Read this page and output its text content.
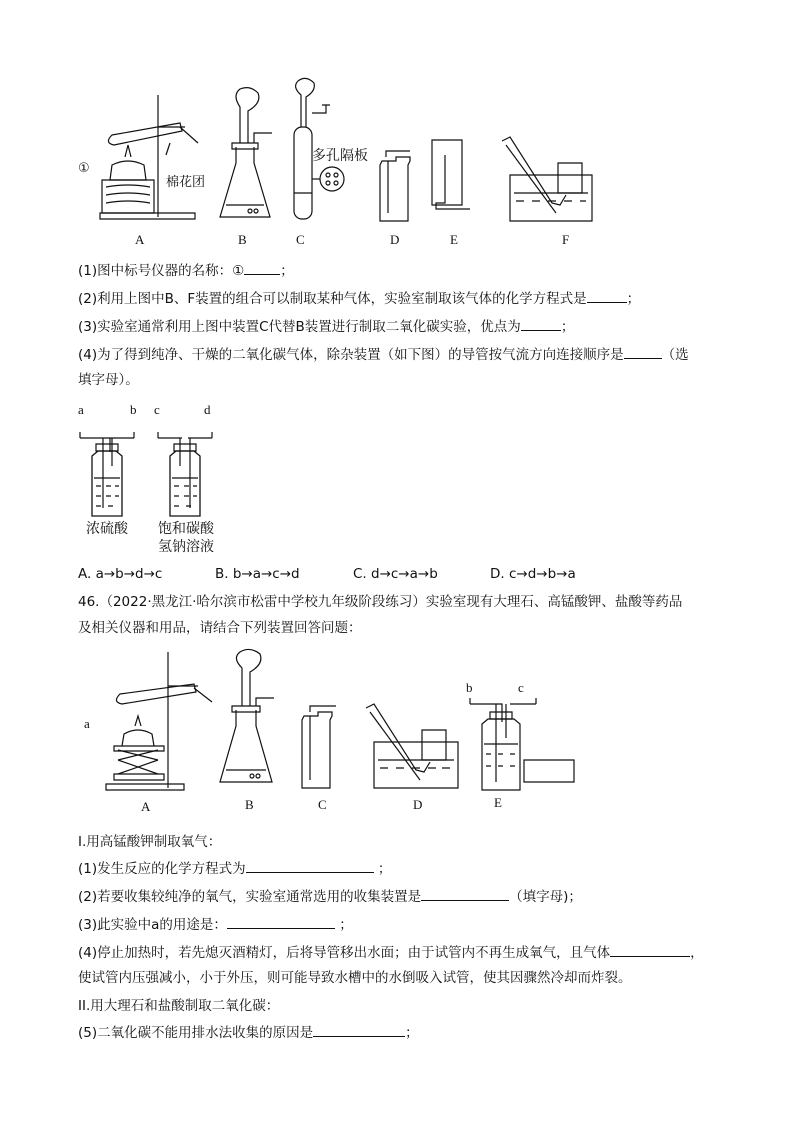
①
棉花团
多孔隔板
A	B	C	D	E	F
(1)图中标号仪器的名称：①	；
(2)利用上图中B、F装置的组合可以制取某种气体，实验室制取该气体的化学方程式是	；
(3)实验室通常利用上图中装置C代替B装置进行制取二氧化碳实验，优点为	；
(4)为了得到纯净、干燥的二氧化碳气体，除杂装置（如下图）的导管按气流方向连接顺序是	（选
填字母）。
a	b c	d
浓硫酸 饱和碳酸
氢钠溶液
A. a→b→d→c	B. b→a→c→d	C. d→c→a→b	D. c→d→b→a
46.（2022·黑龙江·哈尔滨市松雷中学校九年级阶段练习）实验室现有大理石、高锰酸钾、盐酸等药品
及相关仪器和用品，请结合下列装置回答问题：
a
b	c
A	B	C	D	E
I.用高锰酸钾制取氧气：
(1)发生反应的化学方程式为	；
(2)若要收集较纯净的氧气，实验室通常选用的收集装置是	（填字母)；
(3)此实验中a的用途是：	；
(4)停止加热时，若先熄灭酒精灯，后将导管移出水面；由于试管内不再生成氧气，且气体	，
使试管内压强减小，小于外压，则可能导致水槽中的水倒吸入试管，使其因骤然冷却而炸裂。
II.用大理石和盐酸制取二氧化碳：
(5)二氧化碳不能用排水法收集的原因是	；
